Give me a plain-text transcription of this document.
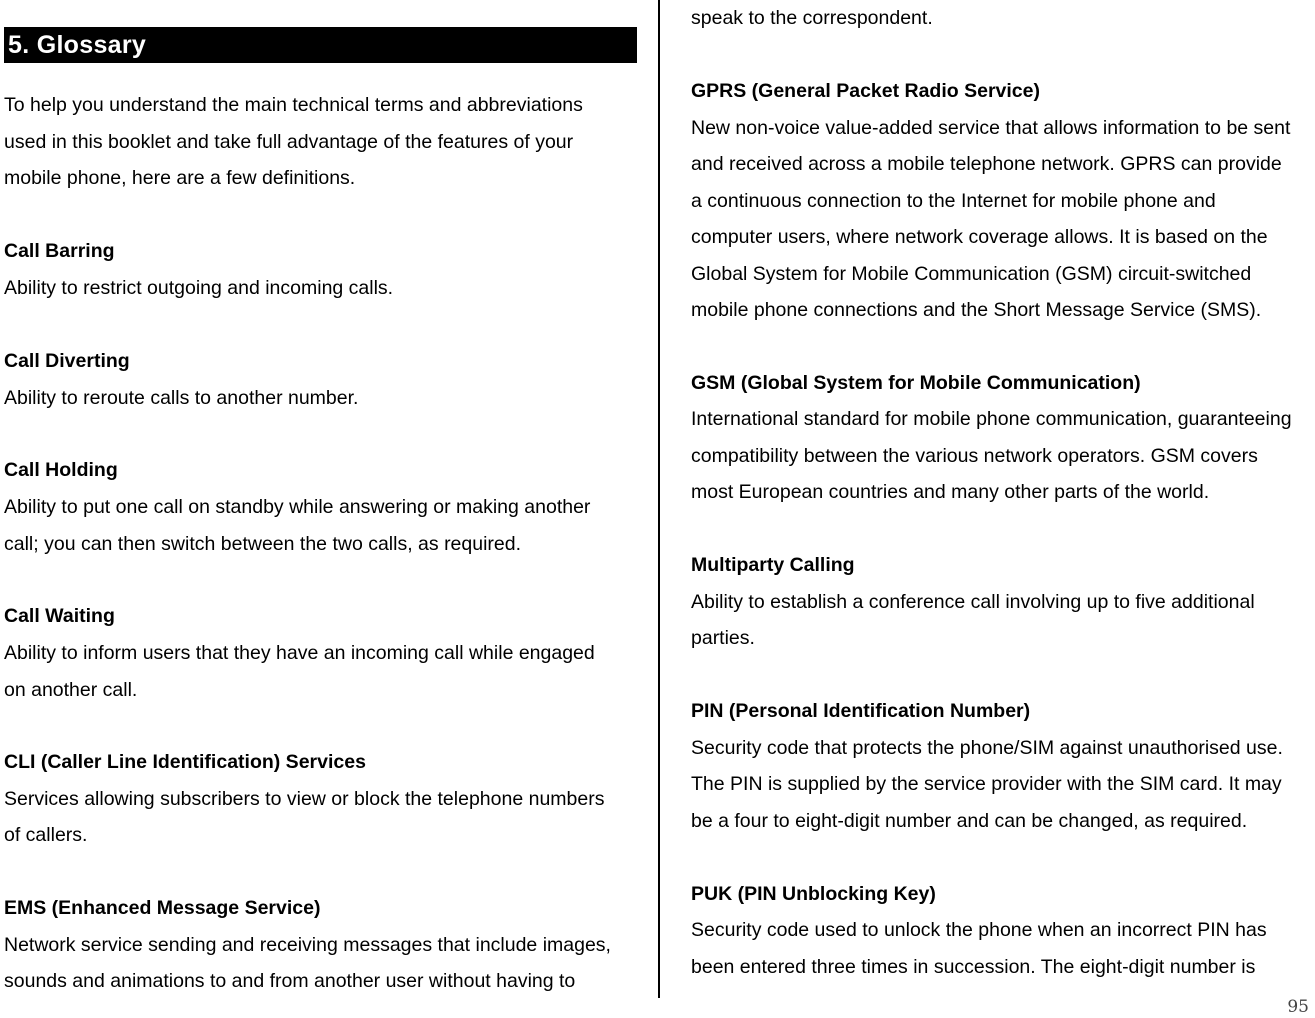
5. Glossary
To help you understand the main technical terms and abbreviations
used in this booklet and take full advantage of the features of your
mobile phone, here are a few definitions.
Call Barring
Ability to restrict outgoing and incoming calls.
Call Diverting
Ability to reroute calls to another number.
Call Holding
Ability to put one call on standby while answering or making another
call; you can then switch between the two calls, as required.
Call Waiting
Ability to inform users that they have an incoming call while engaged
on another call.
CLI (Caller Line Identification) Services
Services allowing subscribers to view or block the telephone numbers
of callers.
EMS (Enhanced Message Service)
Network service sending and receiving messages that include images,
sounds and animations to and from another user without having to
speak to the correspondent.
GPRS (General Packet Radio Service)
New non-voice value-added service that allows information to be sent
and received across a mobile telephone network. GPRS can provide
a continuous connection to the Internet for mobile phone and
computer users, where network coverage allows. It is based on the
Global System for Mobile Communication (GSM) circuit-switched
mobile phone connections and the Short Message Service (SMS).
GSM (Global System for Mobile Communication)
International standard for mobile phone communication, guaranteeing
compatibility between the various network operators. GSM covers
most European countries and many other parts of the world.
Multiparty Calling
Ability to establish a conference call involving up to five additional
parties.
PIN (Personal Identification Number)
Security code that protects the phone/SIM against unauthorised use.
The PIN is supplied by the service provider with the SIM card. It may
be a four to eight-digit number and can be changed, as required.
PUK (PIN Unblocking Key)
Security code used to unlock the phone when an incorrect PIN has
been entered three times in succession. The eight-digit number is
95
